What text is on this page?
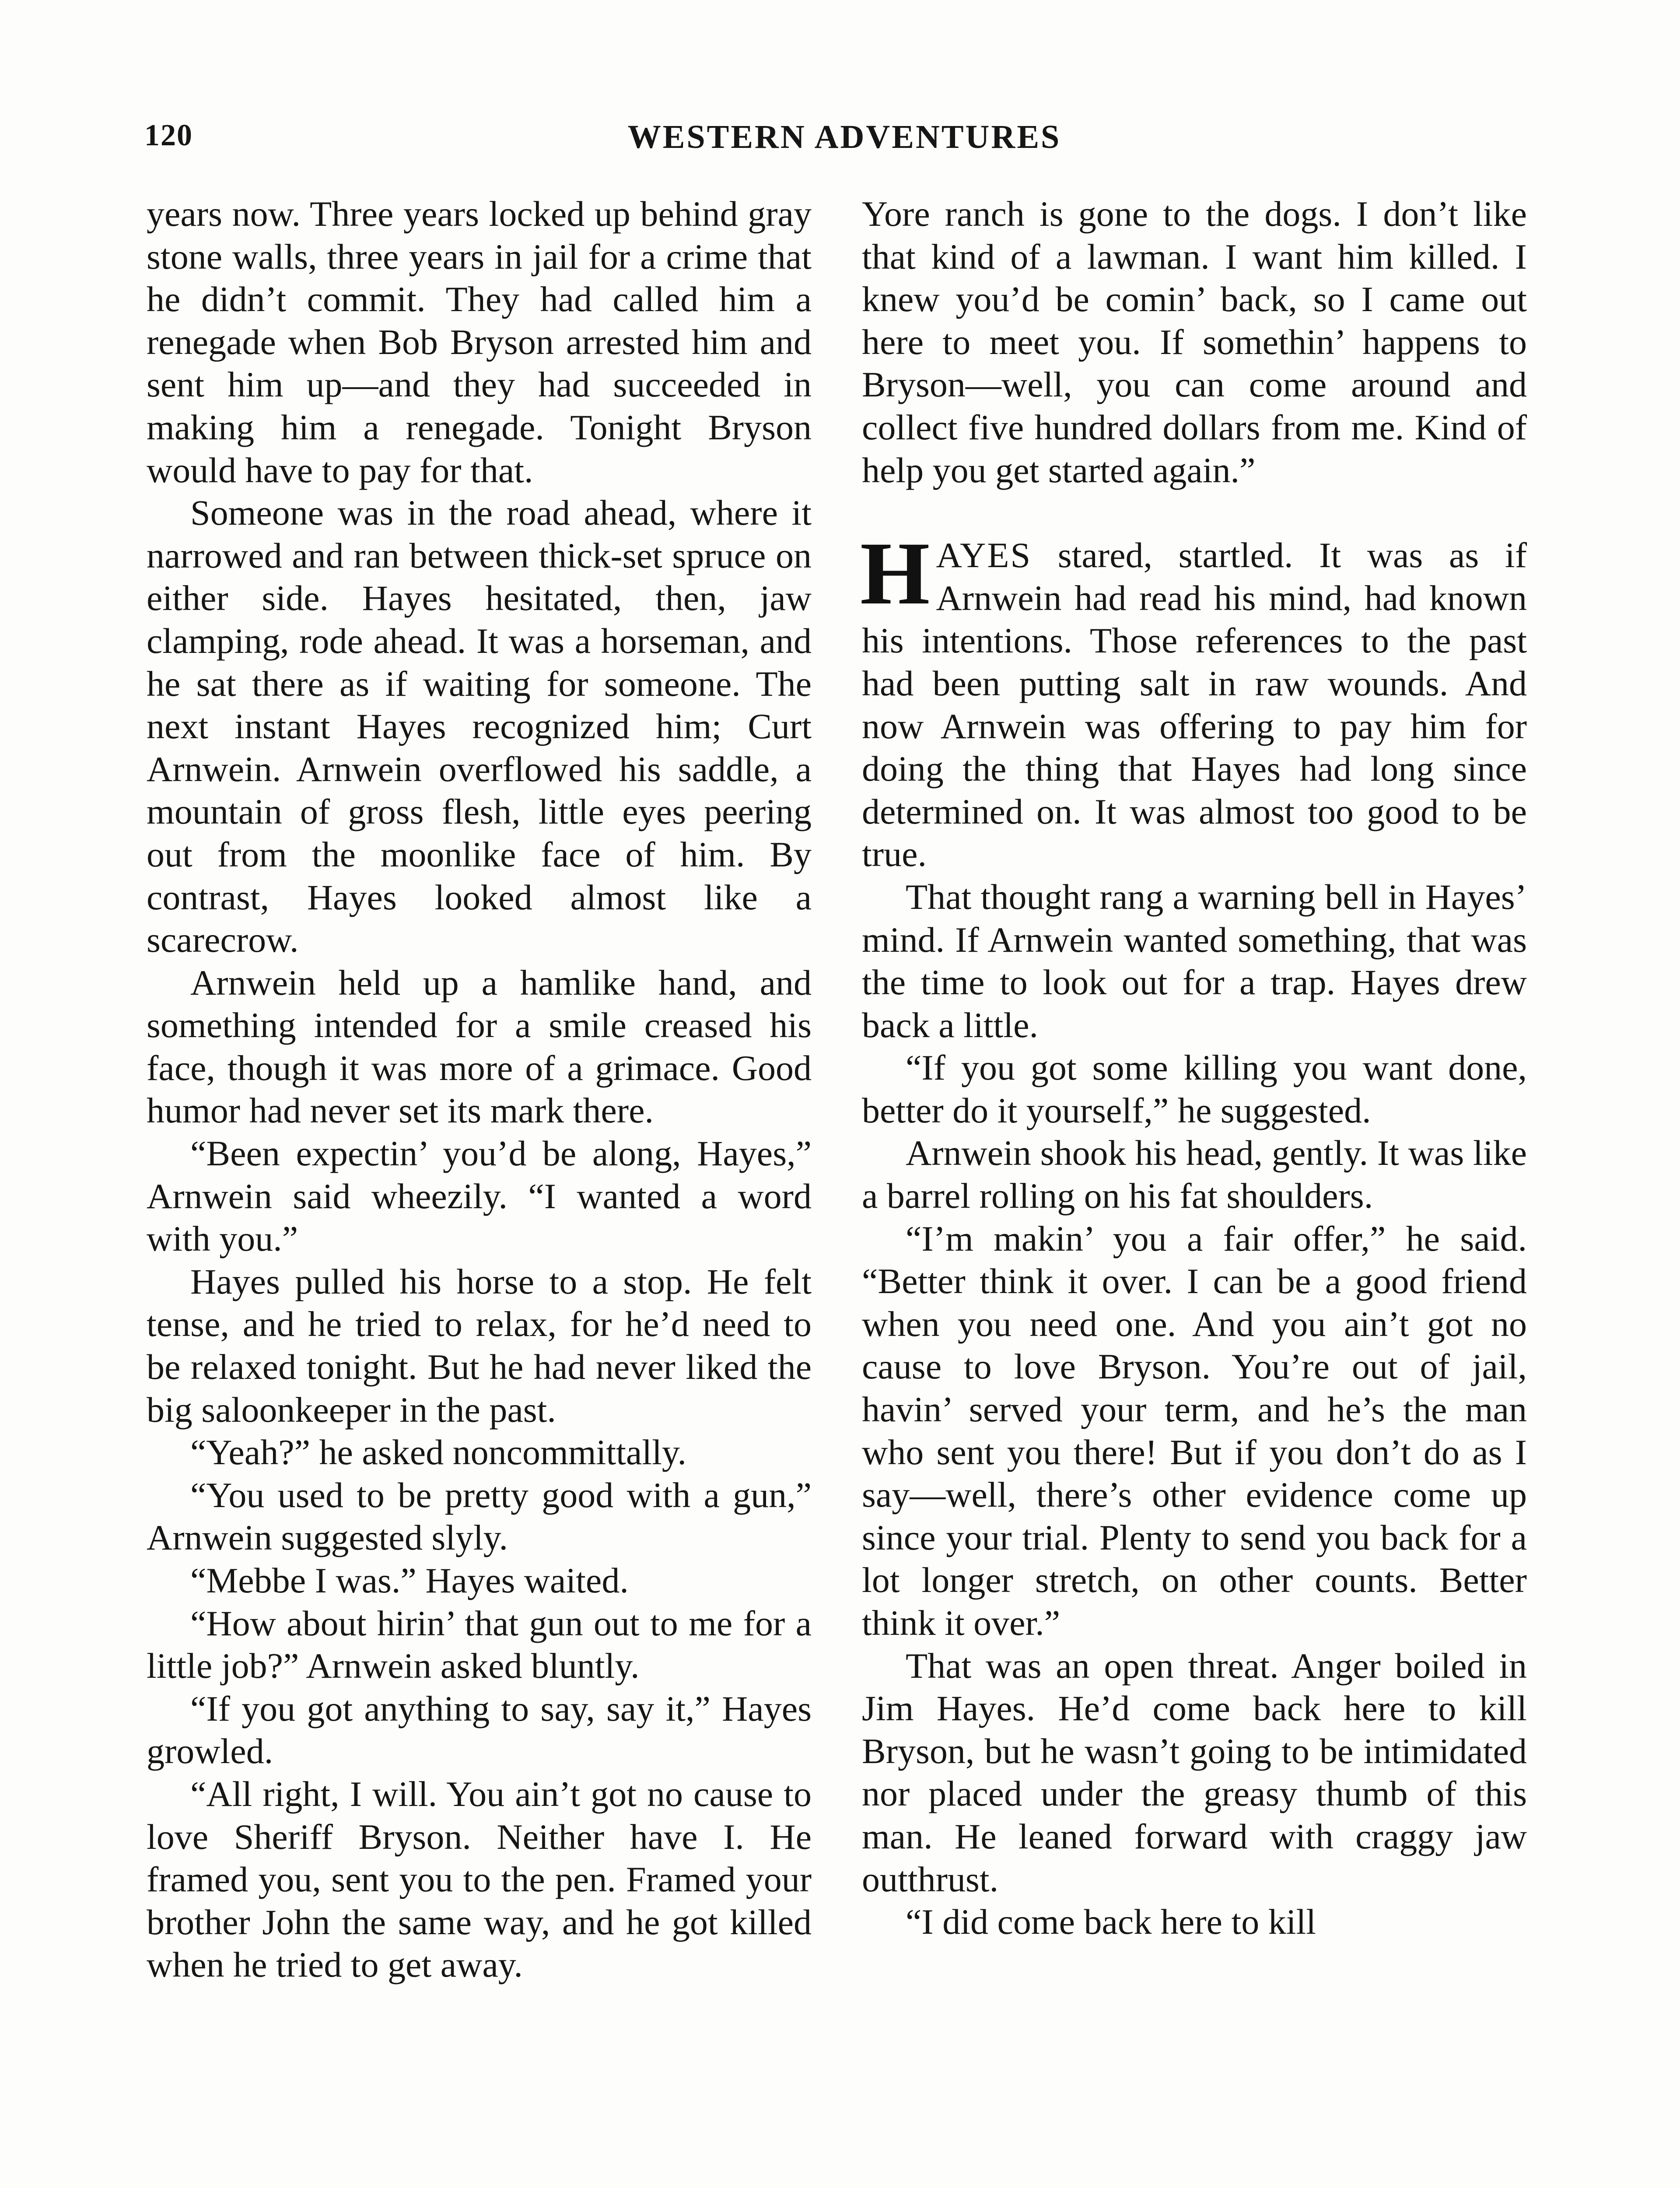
120	WESTERN ADVENTURES

years now. Three years locked up behind gray stone walls, three years in jail for a crime that he didn’t commit. They had called him a renegade when Bob Bryson arrested him and sent him up—and they had succeeded in making him a renegade. Tonight Bryson would have to pay for that.

Someone was in the road ahead, where it narrowed and ran between thick-set spruce on either side. Hayes hesitated, then, jaw clamping, rode ahead. It was a horseman, and he sat there as if waiting for someone. The next instant Hayes recognized him; Curt Arnwein. Arnwein overflowed his saddle, a mountain of gross flesh, little eyes peering out from the moonlike face of him. By contrast, Hayes looked almost like a scarecrow.

Arnwein held up a hamlike hand, and something intended for a smile creased his face, though it was more of a grimace. Good humor had never set its mark there.

“Been expectin’ you’d be along, Hayes,” Arnwein said wheezily. “I wanted a word with you.”

Hayes pulled his horse to a stop. He felt tense, and he tried to relax, for he’d need to be relaxed tonight. But he had never liked the big saloonkeeper in the past.

“Yeah?” he asked noncommittally.

“You used to be pretty good with a gun,” Arnwein suggested slyly.

“Mebbe I was.” Hayes waited.

“How about hirin’ that gun out to me for a little job?” Arnwein asked bluntly.

“If you got anything to say, say it,” Hayes growled.

“All right, I will. You ain’t got no cause to love Sheriff Bryson. Neither have I. He framed you, sent you to the pen. Framed your brother John the same way, and he got killed when he tried to get away.

Yore ranch is gone to the dogs. I don’t like that kind of a lawman. I want him killed. I knew you’d be comin’ back, so I came out here to meet you. If somethin’ happens to Bryson—well, you can come around and collect five hundred dollars from me. Kind of help you get started again.”

HAYES stared, startled. It was as if Arnwein had read his mind, had known his intentions. Those references to the past had been putting salt in raw wounds. And now Arnwein was offering to pay him for doing the thing that Hayes had long since determined on. It was almost too good to be true.

That thought rang a warning bell in Hayes’ mind. If Arnwein wanted something, that was the time to look out for a trap. Hayes drew back a little.

“If you got some killing you want done, better do it yourself,” he suggested.

Arnwein shook his head, gently. It was like a barrel rolling on his fat shoulders.

“I’m makin’ you a fair offer,” he said. “Better think it over. I can be a good friend when you need one. And you ain’t got no cause to love Bryson. You’re out of jail, havin’ served your term, and he’s the man who sent you there! But if you don’t do as I say—well, there’s other evidence come up since your trial. Plenty to send you back for a lot longer stretch, on other counts. Better think it over.”

That was an open threat. Anger boiled in Jim Hayes. He’d come back here to kill Bryson, but he wasn’t going to be intimidated nor placed under the greasy thumb of this man. He leaned forward with craggy jaw outthrust.

“I did come back here to kill
